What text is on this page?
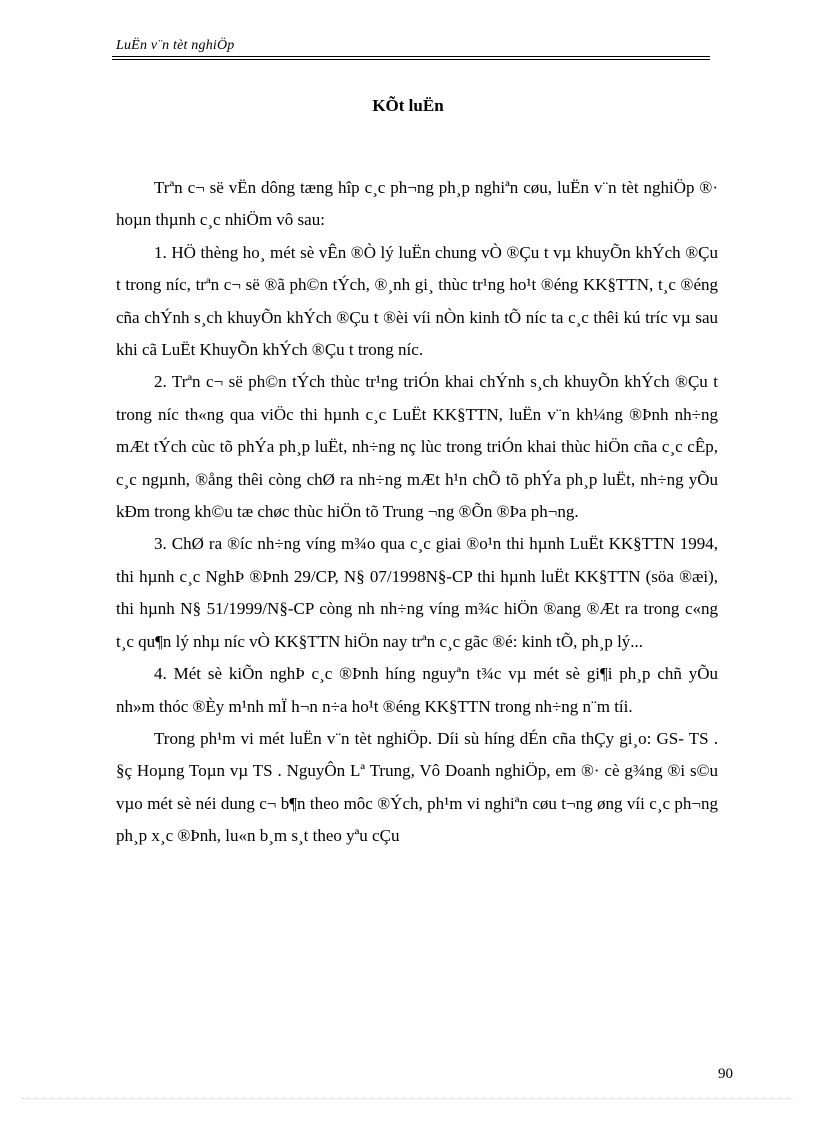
LuËn v¨n tèt nghiÖp
KÕt luËn

Trªn c¬ së vËn dông tæng hîp c¸c ph¬ng ph¸p nghiªn cøu, luËn v¨n tèt nghiÖp ®· hoµn thµnh c¸c nhiÖm vô sau:

1. HÖ thèng ho¸ mét sè vÊn ®Ò lý luËn chung vÒ ®Çu t vµ khuyÕn khÝch ®Çu t trong níc, trªn c¬ së ®ã ph©n tÝch, ®¸nh gi¸ thùc tr¹ng ho¹t ®éng KK§TTN, t¸c ®éng cña chÝnh s¸ch khuyÕn khÝch ®Çu t ®èi víi nÒn kinh tÕ níc ta c¸c thêi kú tríc vµ sau khi cã LuËt KhuyÕn khÝch ®Çu t trong níc.

2. Trªn c¬ së ph©n tÝch thùc tr¹ng triÓn khai chÝnh s¸ch khuyÕn khÝch ®Çu t trong níc th«ng qua viÖc thi hµnh c¸c LuËt KK§TTN, luËn v¨n kh¼ng ®Þnh nh÷ng mÆt tÝch cùc tõ phÝa ph¸p luËt, nh÷ng nç lùc trong triÓn khai thùc hiÖn cña c¸c cÊp, c¸c ngµnh, ®ång thêi còng chØ ra nh÷ng mÆt h¹n chÕ tõ phÝa ph¸p luËt, nh÷ng yÕu kÐm trong kh©u tæ chøc thùc hiÖn tõ Trung ¬ng ®Õn ®Þa ph¬ng.

3. ChØ ra ®íc nh÷ng víng m¾o qua c¸c giai ®o¹n thi hµnh LuËt KK§TTN 1994, thi hµnh c¸c NghÞ ®Þnh 29/CP, N§ 07/1998N§-CP thi hµnh luËt KK§TTN (söa ®æi), thi hµnh N§ 51/1999/N§-CP còng nh nh÷ng víng m¾c hiÖn ®ang ®Æt ra trong c«ng t¸c qu¶n lý nhµ níc vÒ KK§TTN hiÖn nay trªn c¸c gãc ®é: kinh tÕ, ph¸p lý...

4. Mét sè kiÕn nghÞ c¸c ®Þnh híng nguyªn t¾c vµ mét sè gi¶i ph¸p chñ yÕu nh»m thóc ®Èy m¹nh mÏ h¬n n÷a ho¹t ®éng KK§TTN trong nh÷ng n¨m tíi.

Trong ph¹m vi mét luËn v¨n tèt nghiÖp. Díi sù híng dÉn cña thÇy gi¸o: GS- TS . §ç Hoµng Toµn vµ TS . NguyÔn Lª Trung, Vô Doanh nghiÖp, em ®· cè g¾ng ®i s©u vµo mét sè néi dung c¬ b¶n theo môc ®Ých, ph¹m vi nghiªn cøu t¬ng øng víi c¸c ph¬ng ph¸p x¸c ®Þnh, lu«n b¸m s¸t theo yªu cÇu

90
